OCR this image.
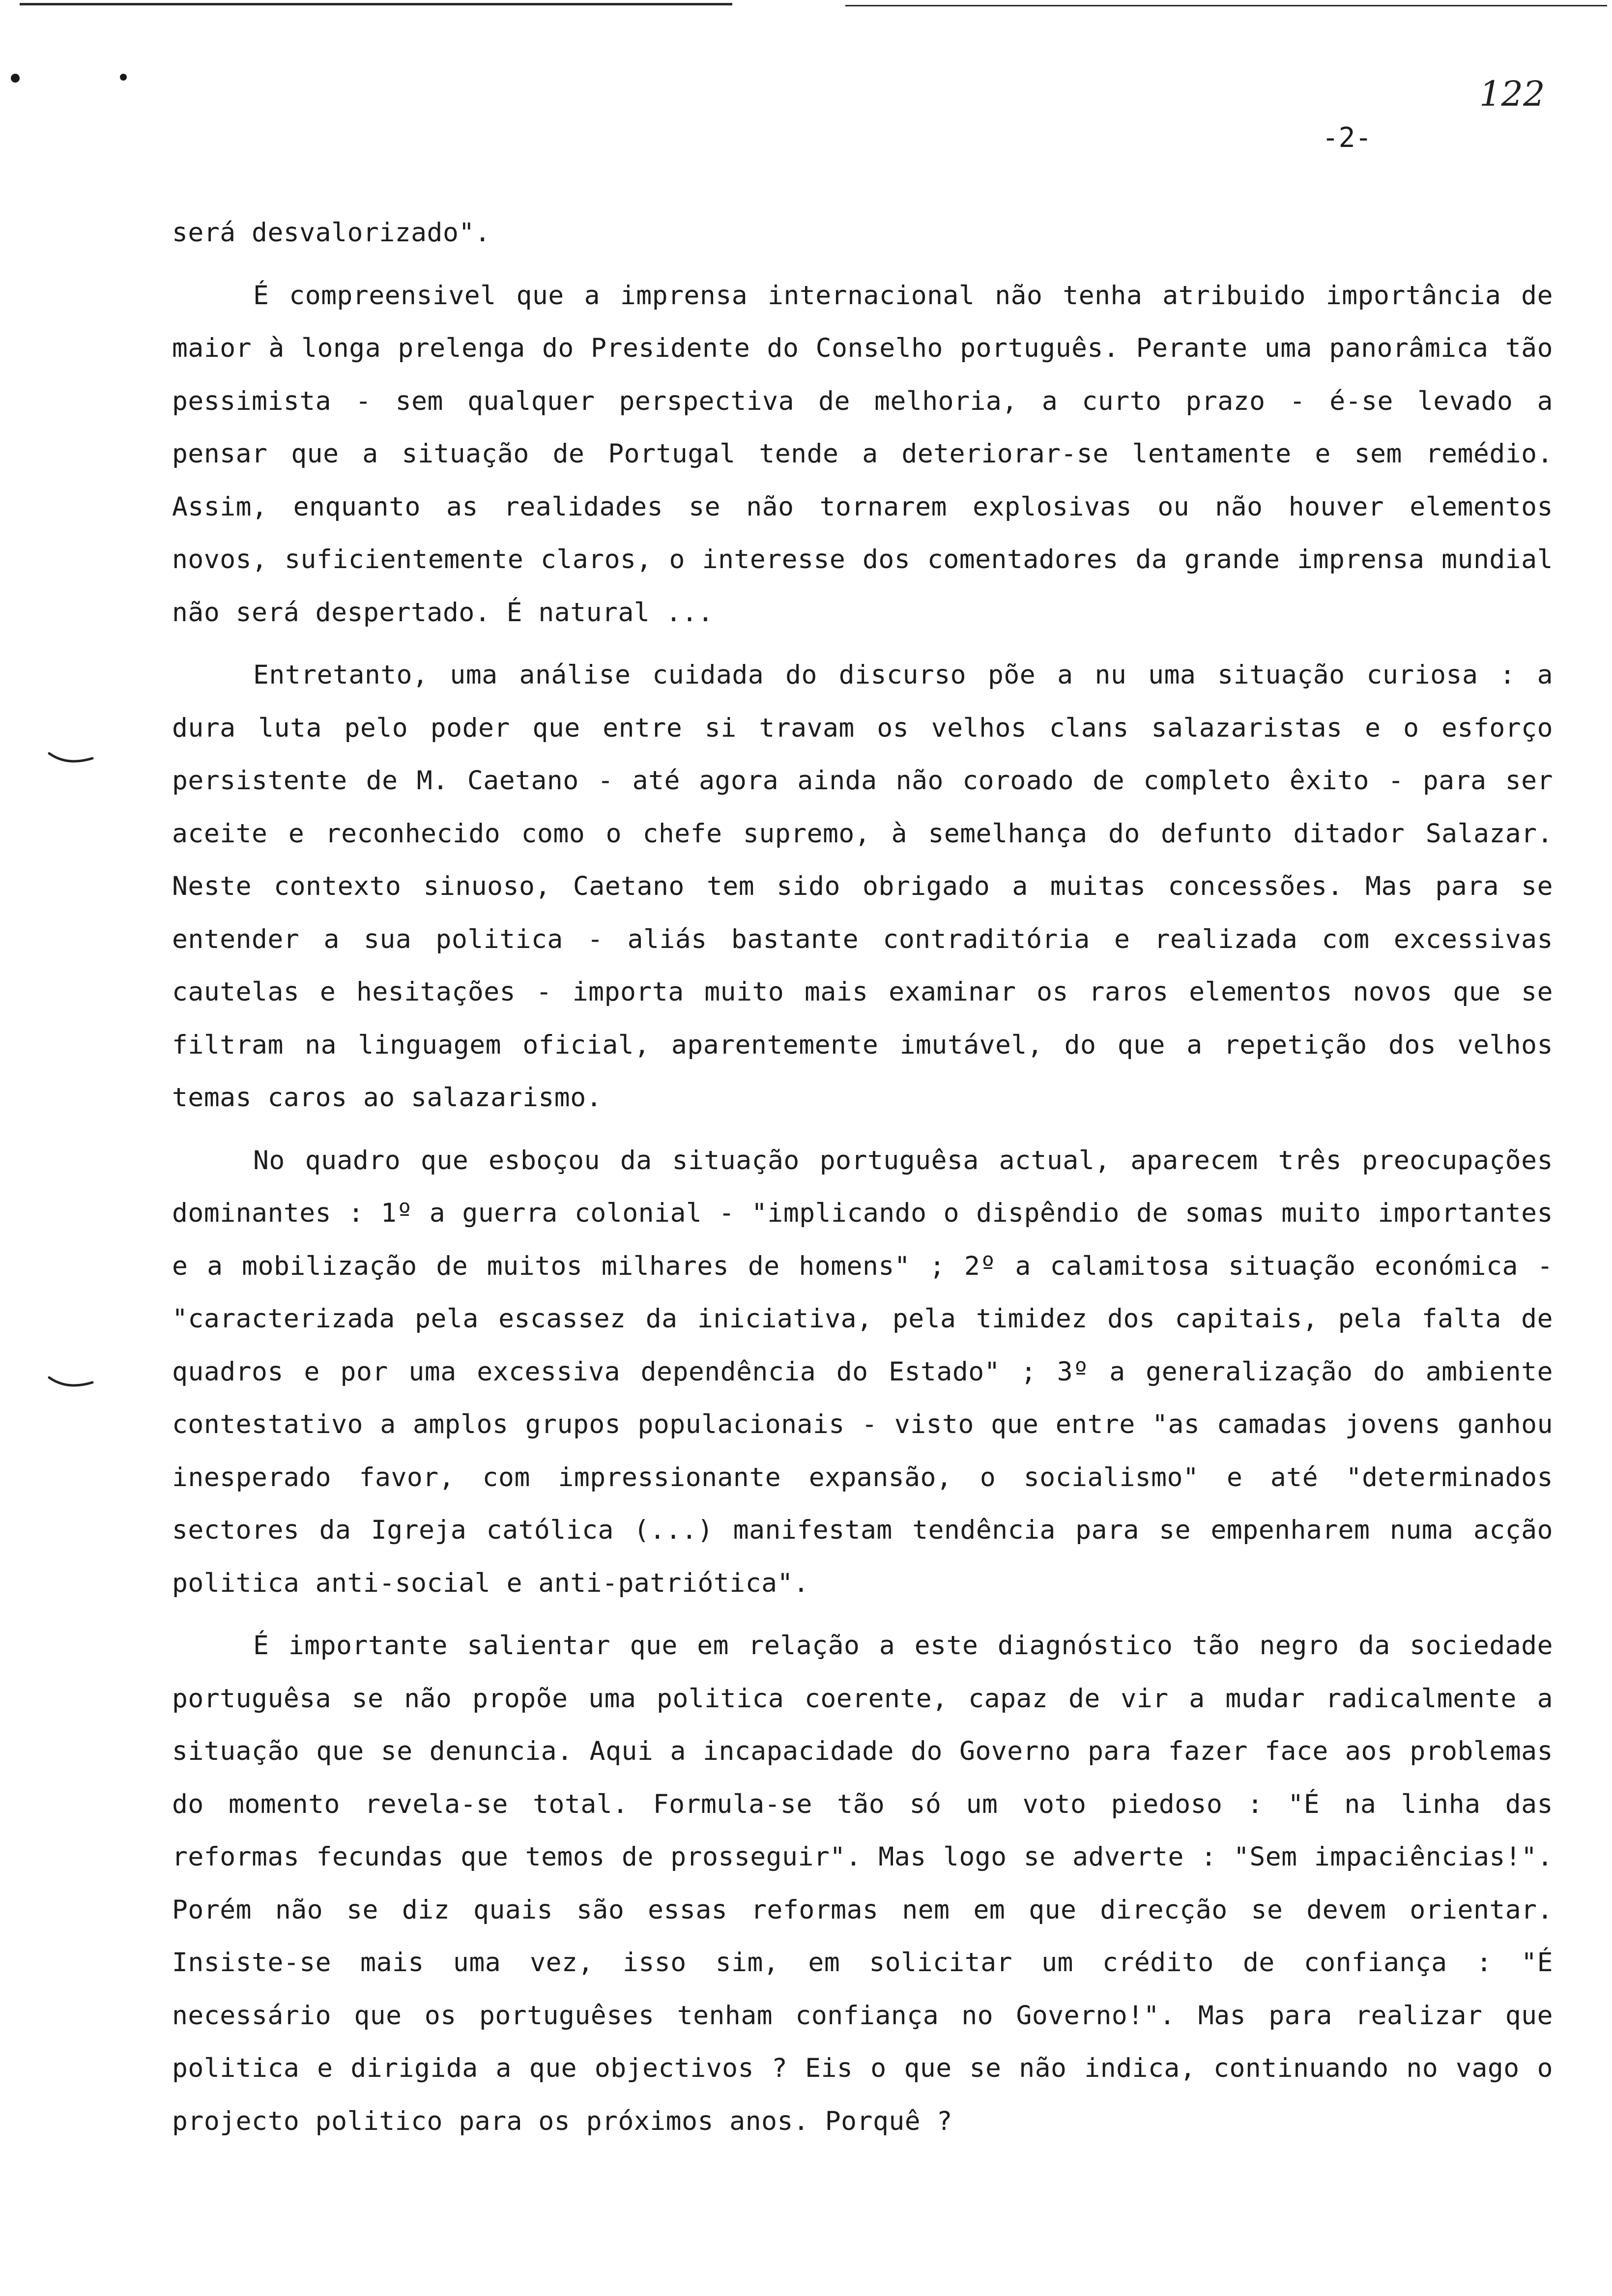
122
-2-

será desvalorizado".

É compreensivel que a imprensa internacional não tenha atribuido importância de maior à longa prelenga do Presidente do Conselho português. Perante uma panorâmica tão pessimista - sem qualquer perspectiva de melhoria, a curto prazo - é-se levado a pensar que a situação de Portugal tende a deteriorar-se lentamente e sem remédio. Assim, enquanto as realidades se não tornarem explosivas ou não houver elementos novos, suficientemente claros, o interesse dos comentadores da grande imprensa mundial não será despertado. É natural ...

Entretanto, uma análise cuidada do discurso põe a nu uma situação curiosa : a dura luta pelo poder que entre si travam os velhos clans salazaristas e o esforço persistente de M. Caetano - até agora ainda não coroado de completo êxito - para ser aceite e reconhecido como o chefe supremo, à semelhança do defunto ditador Salazar. Neste contexto sinuoso, Caetano tem sido obrigado a muitas concessões. Mas para se entender a sua politica - aliás bastante contraditória e realizada com excessivas cautelas e hesitações - importa muito mais examinar os raros elementos novos que se filtram na linguagem oficial, aparentemente imutável, do que a repetição dos velhos temas caros ao salazarismo.

No quadro que esboçou da situação portuguêsa actual, aparecem três preocupações dominantes : 1º a guerra colonial - "implicando o dispêndio de somas muito importantes e a mobilização de muitos milhares de homens" ; 2º a calamitosa situação económica - "caracterizada pela escassez da iniciativa, pela timidez dos capitais, pela falta de quadros e por uma excessiva dependência do Estado" ; 3º a generalização do ambiente contestativo a amplos grupos populacionais - visto que entre "as camadas jovens ganhou inesperado favor, com impressionante expansão, o socialismo" e até "determinados sectores da Igreja católica (...) manifestam tendência para se empenharem numa acção politica anti-social e anti-patriótica".

É importante salientar que em relação a este diagnóstico tão negro da sociedade portuguêsa se não propõe uma politica coerente, capaz de vir a mudar radicalmente a situação que se denuncia. Aqui a incapacidade do Governo para fazer face aos problemas do momento revela-se total. Formula-se tão só um voto piedoso : "É na linha das reformas fecundas que temos de prosseguir". Mas logo se adverte : "Sem impaciências!". Porém não se diz quais são essas reformas nem em que direcção se devem orientar. Insiste-se mais uma vez, isso sim, em solicitar um crédito de confiança : "É necessário que os portuguêses tenham confiança no Governo!". Mas para realizar que politica e dirigida a que objectivos ? Eis o que se não indica, continuando no vago o projecto politico para os próximos anos. Porquê ?
